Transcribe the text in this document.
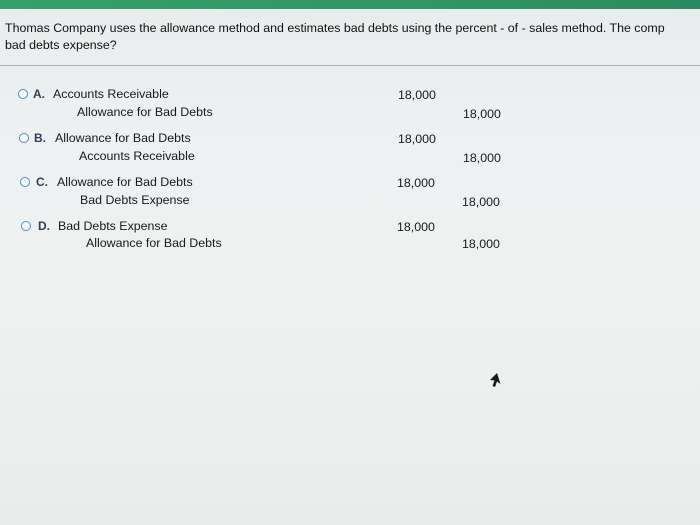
Thomas Company uses the allowance method and estimates bad debts using the percent - of - sales method. The comp
bad debts expense?
A. Accounts Receivable
Allowance for Bad Debts
18,000
18,000
B. Allowance for Bad Debts
Accounts Receivable
18,000
18,000
C. Allowance for Bad Debts
Bad Debts Expense
18,000
18,000
D. Bad Debts Expense
Allowance for Bad Debts
18,000
18,000
